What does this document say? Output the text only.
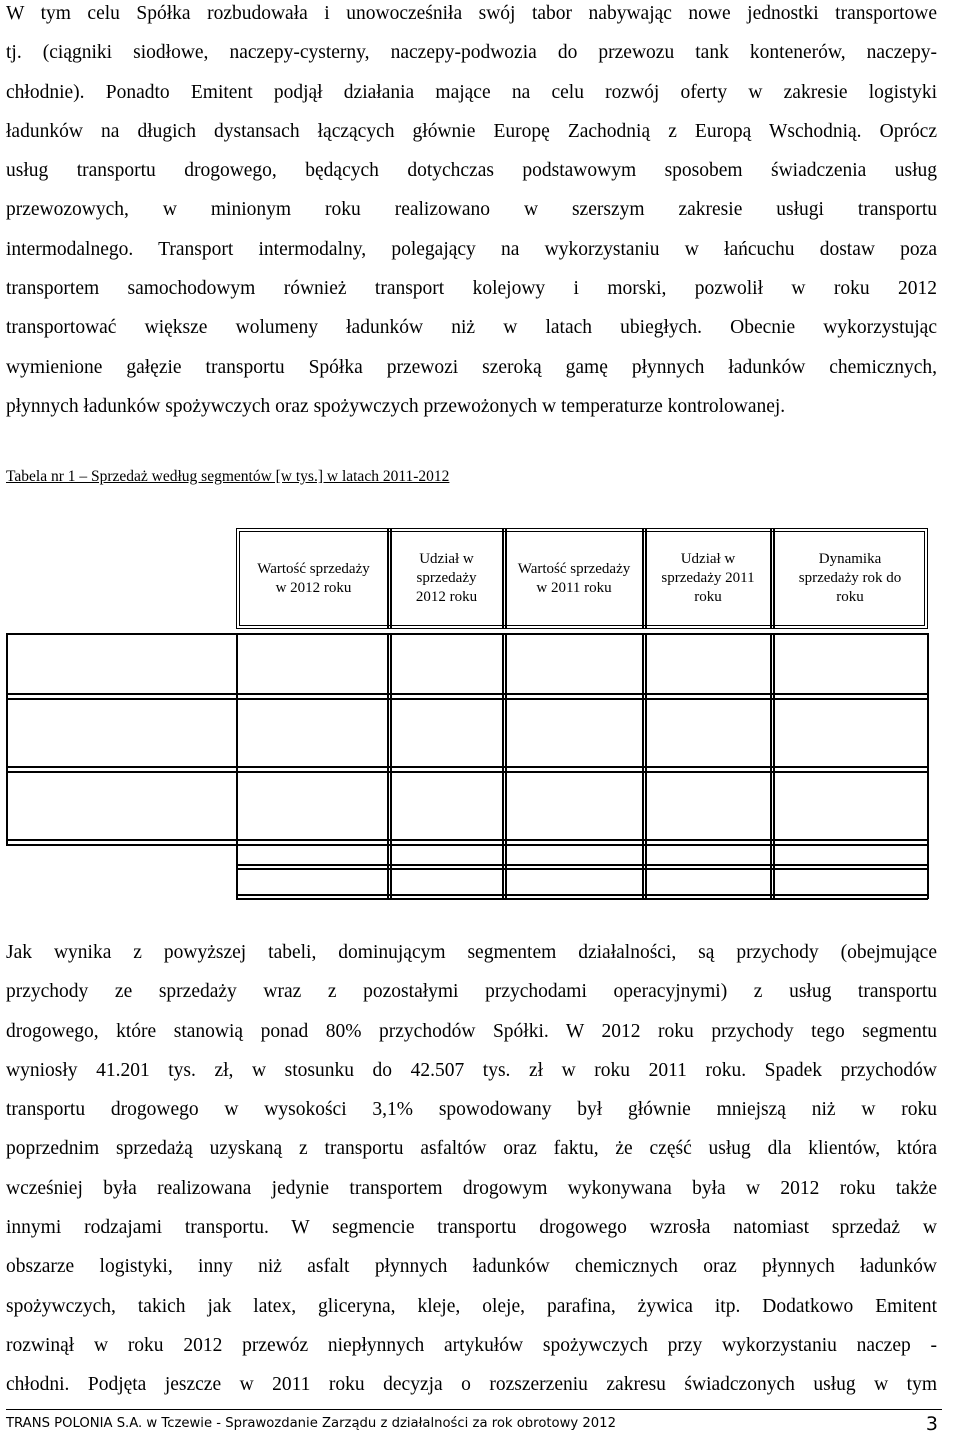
W tym celu Spółka rozbudowała i unowocześniła swój tabor nabywając nowe jednostki transportowe
tj. (ciągniki siodłowe, naczepy-cysterny, naczepy-podwozia do przewozu tank kontenerów, naczepy-
chłodnie). Ponadto Emitent podjął działania mające na celu rozwój oferty w zakresie logistyki
ładunków na długich dystansach łączących głównie Europę Zachodnią z Europą Wschodnią. Oprócz
usług transportu drogowego, będących dotychczas podstawowym sposobem świadczenia usług
przewozowych, w minionym roku realizowano w szerszym zakresie usługi transportu
intermodalnego. Transport intermodalny, polegający na wykorzystaniu w łańcuchu dostaw poza
transportem samochodowym również transport kolejowy i morski, pozwolił w roku 2012
transportować większe wolumeny ładunków niż w latach ubiegłych. Obecnie wykorzystując
wymienione gałęzie transportu Spółka przewozi szeroką gamę płynnych ładunków chemicznych,
płynnych ładunków spożywczych oraz spożywczych przewożonych w temperaturze kontrolowanej.
Tabela nr 1 – Sprzedaż według segmentów [w tys.] w latach 2011-2012
Wartość sprzedaży
w 2012 roku
Udział w
sprzedaży
2012 roku
Wartość sprzedaży
w 2011 roku
Udział w
sprzedaży 2011
roku
Dynamika
sprzedaży rok do
roku
Jak wynika z powyższej tabeli, dominującym segmentem działalności, są przychody (obejmujące
przychody ze sprzedaży wraz z pozostałymi przychodami operacyjnymi) z usług transportu
drogowego, które stanowią ponad 80% przychodów Spółki. W 2012 roku przychody tego segmentu
wyniosły 41.201 tys. zł, w stosunku do 42.507 tys. zł w roku 2011 roku. Spadek przychodów
transportu drogowego w wysokości 3,1% spowodowany był głównie mniejszą niż w roku
poprzednim sprzedażą uzyskaną z transportu asfaltów oraz faktu, że część usług dla klientów, która
wcześniej była realizowana jedynie transportem drogowym wykonywana była w 2012 roku także
innymi rodzajami transportu. W segmencie transportu drogowego wzrosła natomiast sprzedaż w
obszarze logistyki, inny niż asfalt płynnych ładunków chemicznych oraz płynnych ładunków
spożywczych, takich jak latex, gliceryna, kleje, oleje, parafina, żywica itp. Dodatkowo Emitent
rozwinął w roku 2012 przewóz niepłynnych artykułów spożywczych przy wykorzystaniu naczep -
chłodni. Podjęta jeszcze w 2011 roku decyzja o rozszerzeniu zakresu świadczonych usług w tym
TRANS POLONIA S.A. w Tczewie - Sprawozdanie Zarządu z działalności za rok obrotowy 2012	3
